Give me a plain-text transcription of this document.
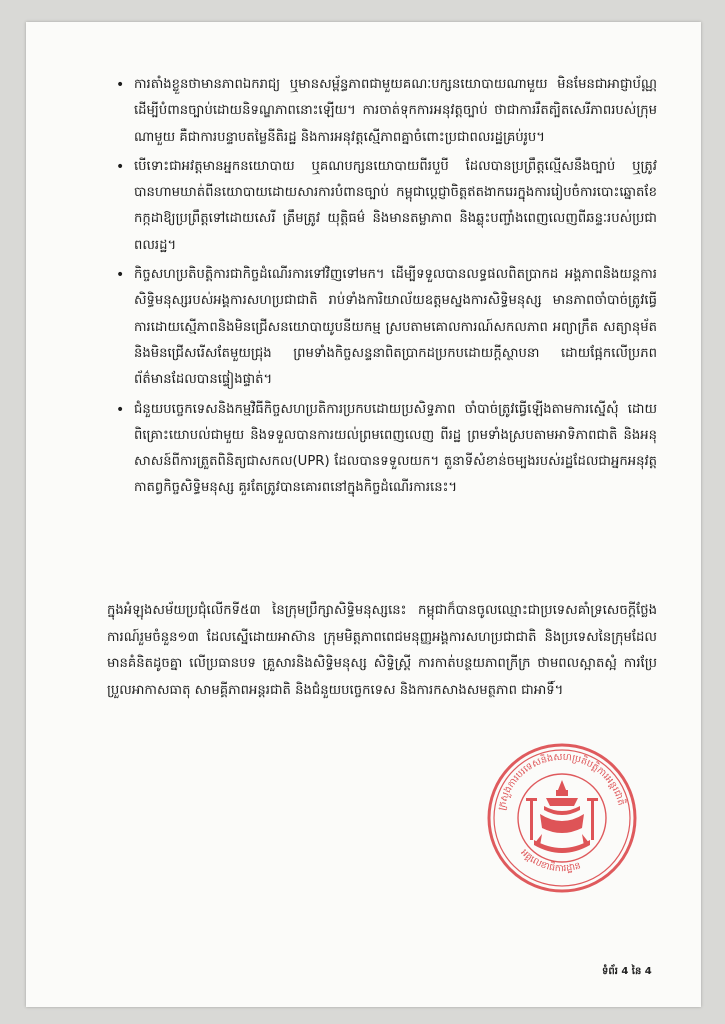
• ការតាំងខ្លួនថាមានភាពឯករាជ្យ ឬមានសម្ព័ន្ធភាពជាមួយគណៈបក្សនយោបាយណាមួយ មិនមែនជាអាជ្ញាប័ណ្ណដើម្បីបំពានច្បាប់ដោយនិទណ្ឌភាពនោះឡើយ។ ការចាត់ទុកការអនុវត្តច្បាប់ ថាជាការរឹតត្បិតសេរីភាពរបស់ក្រុមណាមួយ គឺជាការបន្ទាបតម្លៃនីតិរដ្ឋ និងការអនុវត្តស្មើភាពគ្នាចំពោះប្រជាពលរដ្ឋគ្រប់រូប។
• បើទោះជាអវត្តមានអ្នកនយោបាយ ឬគណបក្សនយោបាយពីរបួបី ដែលបានប្រព្រឹត្តល្មើសនឹងច្បាប់ ឬត្រូវបានហាមឃាត់ពីនយោបាយដោយសារការបំពានច្បាប់ កម្ពុជាប្ដេជ្ញាចិត្តឥតងាករេរក្នុងការរៀបចំការបោះឆ្នោតខែកក្កដាឱ្យប្រព្រឹត្តទៅដោយសេរី ត្រឹមត្រូវ យុត្តិធម៌ និងមានតម្លាភាព និងឆ្លុះបញ្ចាំងពេញលេញពីឆន្ទៈរបស់ប្រជាពលរដ្ឋ។
• កិច្ចសហប្រតិបត្តិការជាកិច្ចដំណើរការទៅវិញទៅមក។ ដើម្បីទទួលបានលទ្ធផលពិតប្រាកដ អង្គភាពនិងយន្តការសិទ្ធិមនុស្សរបស់អង្គការសហប្រជាជាតិ រាប់ទាំងការិយាល័យឧត្តមស្នងការសិទ្ធិមនុស្ស មានភាពចាំបាច់ត្រូវធ្វើការដោយស្មើភាពនិងមិនជ្រើសនយោបាយូបនីយកម្ម ស្របតាមគោលការណ៍សកលភាព អព្យាក្រឹត សត្យានុម័ត និងមិនជ្រើសរើសតែមួយជ្រុង ព្រមទាំងកិច្ចសន្ទនាពិតប្រាកដប្រកបដោយក្តីស្ថាបនា ដោយផ្អែកលើប្រភពព័ត៌មានដែលបានផ្ទៀងផ្ទាត់។
• ជំនួយបច្ចេកទេសនិងកម្មវិធីកិច្ចសហប្រតិការប្រកបដោយប្រសិទ្ធភាព ចាំបាច់ត្រូវធ្វើឡើងតាមការស្នើសុំ ដោយពិគ្រោះយោបល់ជាមួយ និងទទួលបានការយល់ព្រមពេញលេញ ពីរដ្ឋ ព្រមទាំងស្របតាមអាទិភាពជាតិ និងអនុសាសន៍ពីការត្រួតពិនិត្យជាសកល(UPR) ដែលបានទទួលយក។ តួនាទីសំខាន់ចម្បងរបស់រដ្ឋដែលជាអ្នកអនុវត្តកាតព្វកិច្ចសិទ្ធិមនុស្ស គួរតែត្រូវបានគោរពនៅក្នុងកិច្ចដំណើរការនេះ។

ក្នុងអំឡុងសម័យប្រជុំលើកទី៥៣ នៃក្រុមប្រឹក្សាសិទ្ធិមនុស្សនេះ កម្ពុជាក៏បានចូលឈ្មោះជាប្រទេសគាំទ្រសេចក្តីថ្លែងការណ៍រួមចំនួន១៣ ដែលស្នើដោយអាស៊ាន ក្រុមមិត្តភាពពេជមនុញ្ញអង្គការសហប្រជាជាតិ និងប្រទេសនៃក្រុមដែលមានគំនិតដូចគ្នា លើប្រធានបទ គ្រួសារនិងសិទ្ធិមនុស្ស សិទ្ធិស្ត្រី ការកាត់បន្ថយភាពក្រីក្រ ថាមពលស្អាតស្អំ ការប្រែប្រួលអាកាសធាតុ សាមគ្គីភាពអន្តរជាតិ និងជំនួយបច្ចេកទេស និងការកសាងសមត្ថភាព ជាអាទិ៍។

ក្រសួងការបរទេសនិងសហប្រតិបត្តិការអន្តរជាតិ
អគ្គលេខាធិការដ្ឋាន
ទំព័រ 4 នៃ 4
